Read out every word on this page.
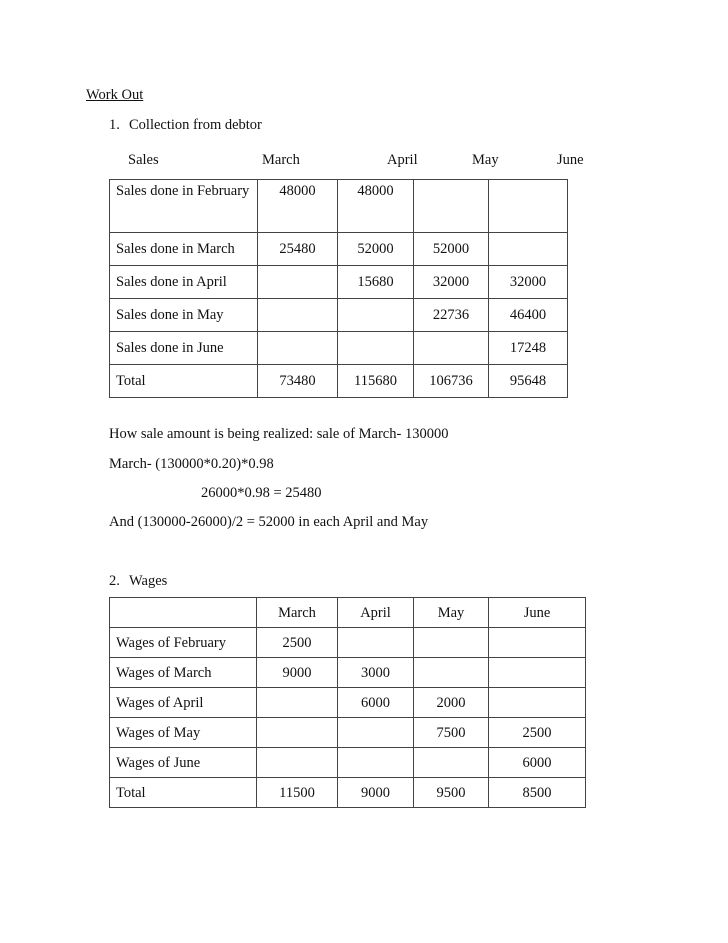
Work Out
1. Collection from debtor
Sales	March	April	May	June
Sales done in February	48000	48000		
Sales done in March	25480	52000	52000	
Sales done in April		15680	32000	32000
Sales done in May			22736	46400
Sales done in June				17248
Total	73480	115680	106736	95648
How sale amount is being realized: sale of March- 130000
March- (130000*0.20)*0.98
26000*0.98 = 25480
And (130000-26000)/2 = 52000 in each April and May
2. Wages
	March	April	May	June
Wages of February	2500			
Wages of March	9000	3000		
Wages of April		6000	2000	
Wages of May			7500	2500
Wages of June				6000
Total	11500	9000	9500	8500
